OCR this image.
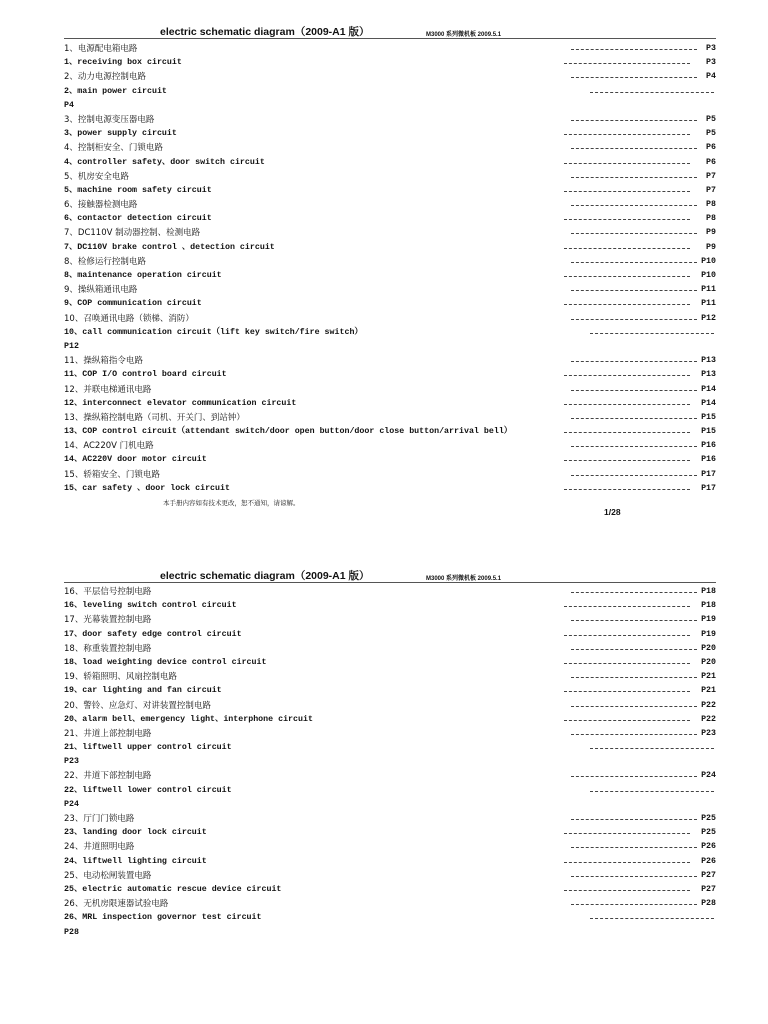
electric schematic diagram（2009-A1 版）	M3000 系列微机板 2009.5.1
1、电源配电箱电路	P3
1、receiving box circuit	P3
2、动力电源控制电路	P4
2、main power circuit
P4
3、控制电源变压器电路	P5
3、power supply circuit	P5
4、控制柜安全、门锁电路	P6
4、controller safety、door switch circuit	P6
5、机房安全电路	P7
5、machine room safety circuit	P7
6、接触器检测电路	P8
6、contactor detection circuit	P8
7、DC110V 制动器控制、检测电路	P9
7、DC110V brake control 、detection circuit	P9
8、检修运行控制电路	P10
8、maintenance operation circuit	P10
9、操纵箱通讯电路	P11
9、COP communication circuit	P11
10、召唤通讯电路（锁梯、消防）	P12
10、call communication circuit（lift key switch/fire switch）
P12
11、操纵箱指令电路	P13
11、COP I/O control board circuit	P13
12、并联电梯通讯电路	P14
12、interconnect elevator communication circuit	P14
13、操纵箱控制电路（司机、开关门、到站钟）	P15
13、COP control circuit（attendant switch/door open button/door close button/arrival bell）	P15
14、AC220V 门机电路	P16
14、AC220V door motor circuit	P16
15、轿箱安全、门锁电路	P17
15、car safety 、door lock circuit	P17
本手册内容如有技术更改，恕不通知，请谅解。
1/28
electric schematic diagram（2009-A1 版）	M3000 系列微机板 2009.5.1
16、平层信号控制电路	P18
16、leveling switch control circuit	P18
17、光幕装置控制电路	P19
17、door safety edge control circuit	P19
18、称重装置控制电路	P20
18、load weighting device control circuit	P20
19、轿箱照明、风扇控制电路	P21
19、car lighting and fan circuit	P21
20、警铃、应急灯、对讲装置控制电路	P22
20、alarm bell、emergency light、interphone circuit	P22
21、井道上部控制电路	P23
21、liftwell upper control circuit
P23
22、井道下部控制电路	P24
22、liftwell lower control circuit
P24
23、厅门门锁电路	P25
23、landing door lock circuit	P25
24、井道照明电路	P26
24、liftwell lighting circuit	P26
25、电动松闸装置电路	P27
25、electric automatic rescue device circuit	P27
26、无机房限速器试验电路	P28
26、MRL inspection governor test circuit
P28
